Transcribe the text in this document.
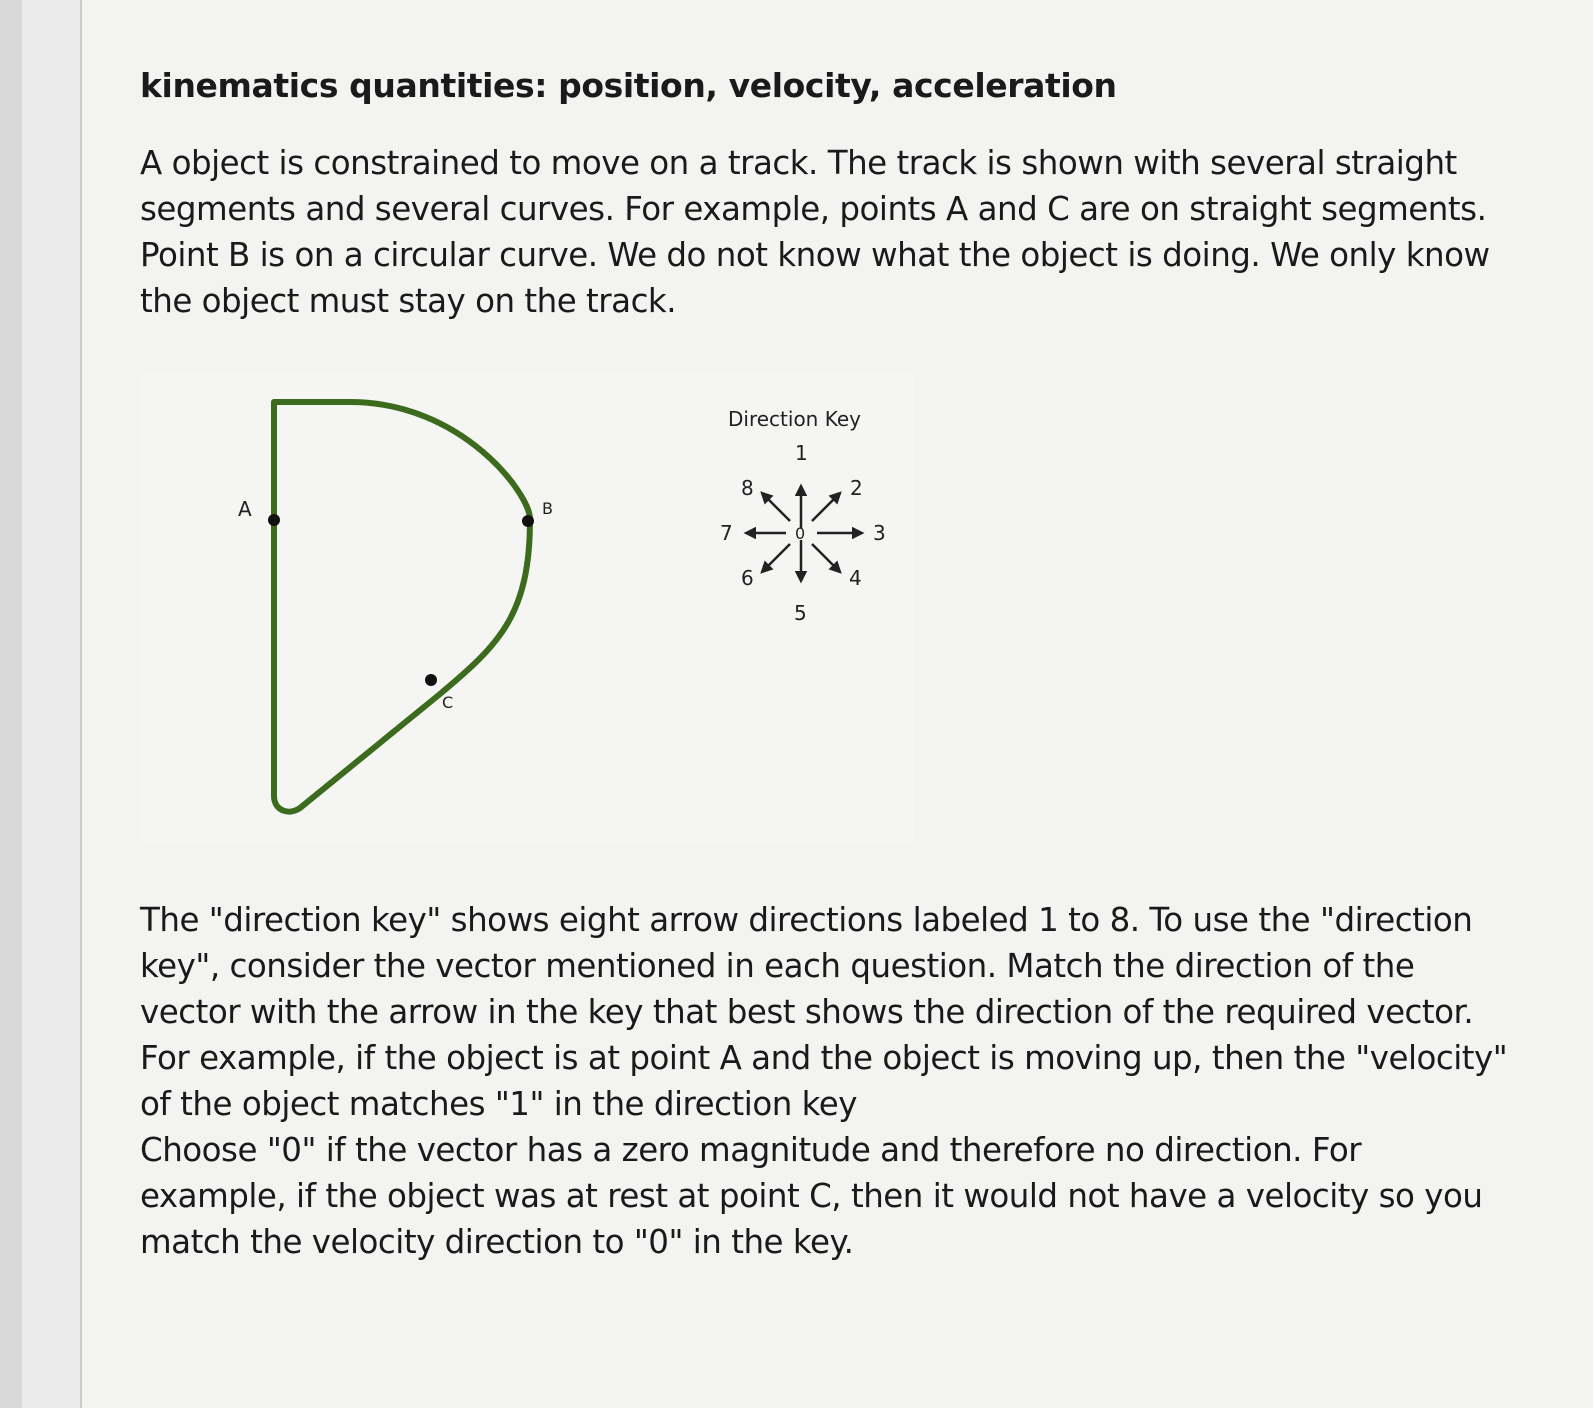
kinematics quantities: position, velocity, acceleration

A object is constrained to move on a track. The track is shown with several straight segments and several curves. For example, points A and C are on straight segments. Point B is on a circular curve. We do not know what the object is doing. We only know the object must stay on the track.

A	B
C
Direction Key
0
1
2
3
4
5
6
7
8
The "direction key" shows eight arrow directions labeled 1 to 8. To use the "direction key", consider the vector mentioned in each question. Match the direction of the vector with the arrow in the key that best shows the direction of the required vector.
For example, if the object is at point A and the object is moving up, then the "velocity" of the object matches "1" in the direction key
Choose "0" if the vector has a zero magnitude and therefore no direction. For example, if the object was at rest at point C, then it would not have a velocity so you match the velocity direction to "0" in the key.
